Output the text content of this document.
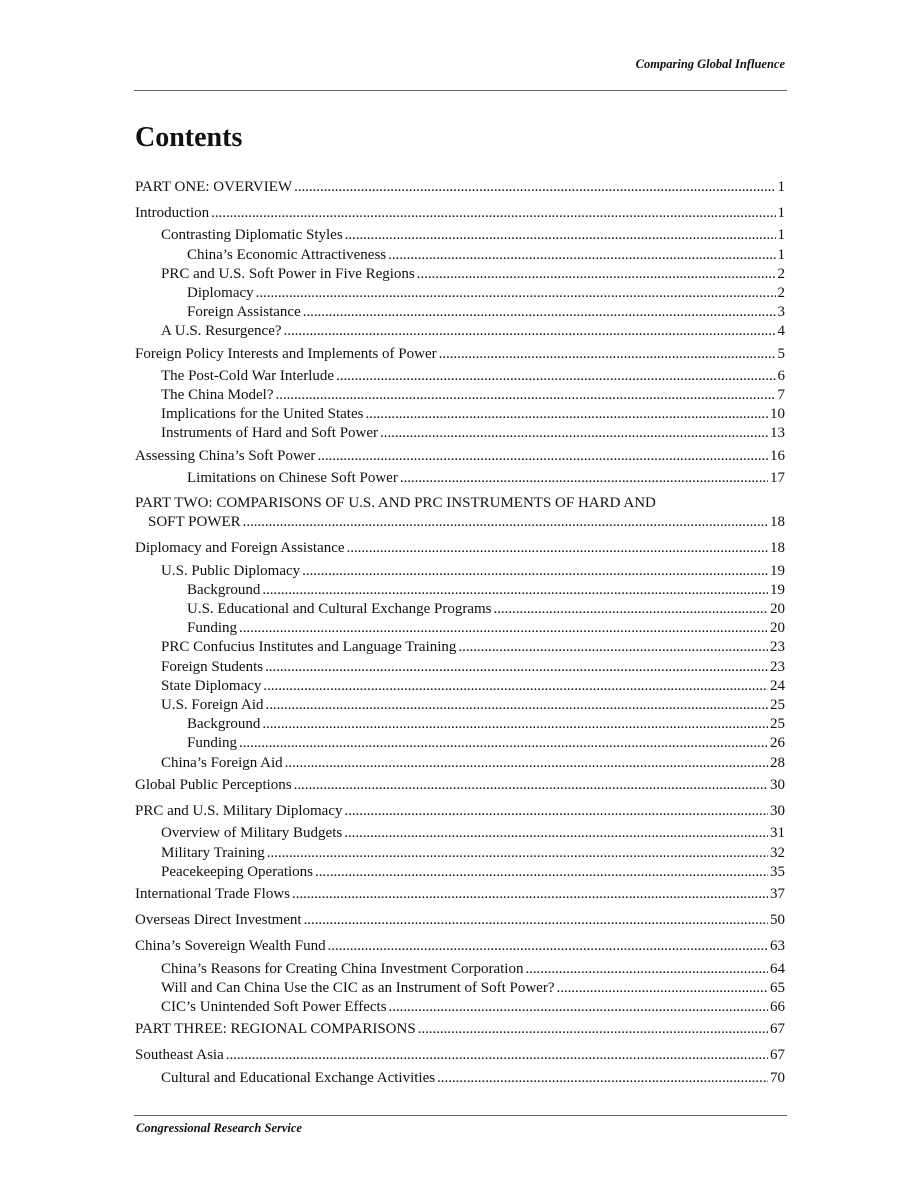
Comparing Global Influence
Contents
PART ONE: OVERVIEW . . .	1
Introduction . . .	1
Contrasting Diplomatic Styles . . .	1
China’s Economic Attractiveness . . .	1
PRC and U.S. Soft Power in Five Regions . . .	2
Diplomacy . . .	2
Foreign Assistance . . .	3
A U.S. Resurgence? . . .	4
Foreign Policy Interests and Implements of Power . . .	5
The Post-Cold War Interlude . . .	6
The China Model? . . .	7
Implications for the United States . . .	10
Instruments of Hard and Soft Power . . .	13
Assessing China’s Soft Power . . .	16
Limitations on Chinese Soft Power . . .	17
PART TWO: COMPARISONS OF U.S. AND PRC INSTRUMENTS OF HARD AND
SOFT POWER . . .	18
Diplomacy and Foreign Assistance . . .	18
U.S. Public Diplomacy . . .	19
Background . . .	19
U.S. Educational and Cultural Exchange Programs . . .	20
Funding . . .	20
PRC Confucius Institutes and Language Training . . .	23
Foreign Students . . .	23
State Diplomacy . . .	24
U.S. Foreign Aid . . .	25
Background . . .	25
Funding . . .	26
China’s Foreign Aid . . .	28
Global Public Perceptions . . .	30
PRC and U.S. Military Diplomacy . . .	30
Overview of Military Budgets . . .	31
Military Training . . .	32
Peacekeeping Operations . . .	35
International Trade Flows . . .	37
Overseas Direct Investment . . .	50
China’s Sovereign Wealth Fund . . .	63
China’s Reasons for Creating China Investment Corporation . . .	64
Will and Can China Use the CIC as an Instrument of Soft Power? . . .	65
CIC’s Unintended Soft Power Effects . . .	66
PART THREE: REGIONAL COMPARISONS . . .	67
Southeast Asia . . .	67
Cultural and Educational Exchange Activities . . .	70
Congressional Research Service
